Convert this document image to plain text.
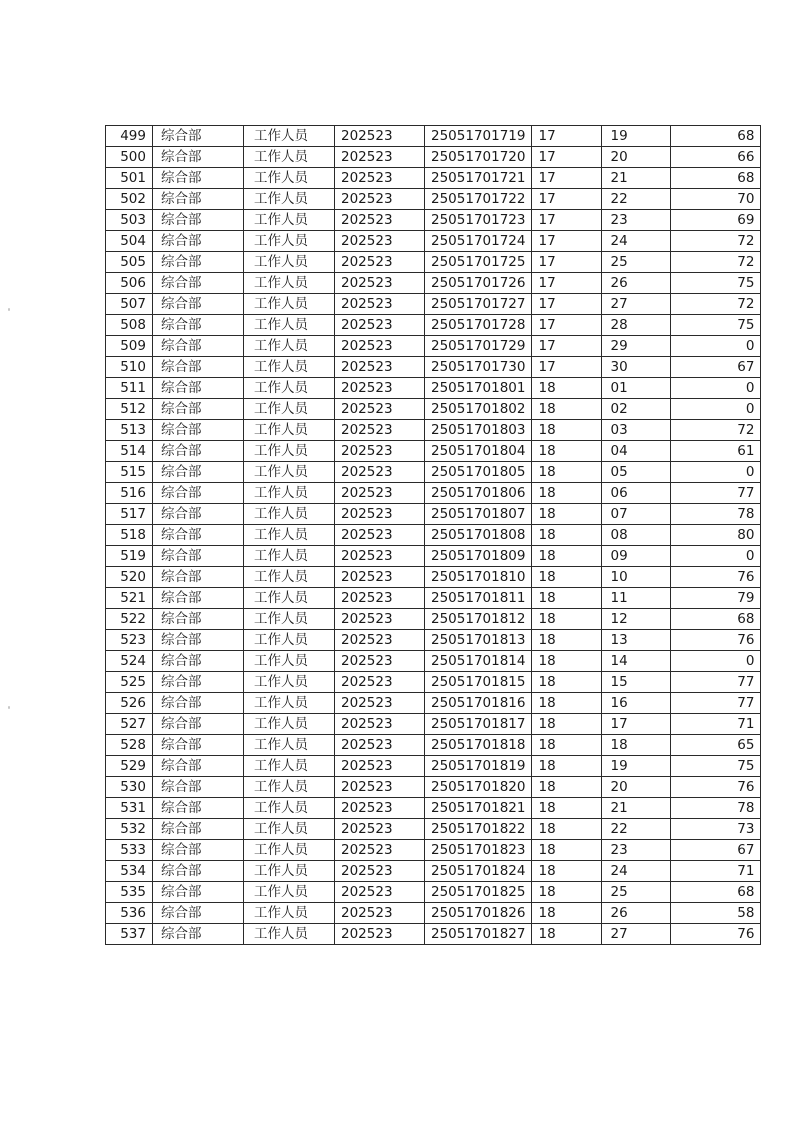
499	综合部	工作人员	202523	25051701719	17	19	68
500	综合部	工作人员	202523	25051701720	17	20	66
501	综合部	工作人员	202523	25051701721	17	21	68
502	综合部	工作人员	202523	25051701722	17	22	70
503	综合部	工作人员	202523	25051701723	17	23	69
504	综合部	工作人员	202523	25051701724	17	24	72
505	综合部	工作人员	202523	25051701725	17	25	72
506	综合部	工作人员	202523	25051701726	17	26	75
507	综合部	工作人员	202523	25051701727	17	27	72
508	综合部	工作人员	202523	25051701728	17	28	75
509	综合部	工作人员	202523	25051701729	17	29	0
510	综合部	工作人员	202523	25051701730	17	30	67
511	综合部	工作人员	202523	25051701801	18	01	0
512	综合部	工作人员	202523	25051701802	18	02	0
513	综合部	工作人员	202523	25051701803	18	03	72
514	综合部	工作人员	202523	25051701804	18	04	61
515	综合部	工作人员	202523	25051701805	18	05	0
516	综合部	工作人员	202523	25051701806	18	06	77
517	综合部	工作人员	202523	25051701807	18	07	78
518	综合部	工作人员	202523	25051701808	18	08	80
519	综合部	工作人员	202523	25051701809	18	09	0
520	综合部	工作人员	202523	25051701810	18	10	76
521	综合部	工作人员	202523	25051701811	18	11	79
522	综合部	工作人员	202523	25051701812	18	12	68
523	综合部	工作人员	202523	25051701813	18	13	76
524	综合部	工作人员	202523	25051701814	18	14	0
525	综合部	工作人员	202523	25051701815	18	15	77
526	综合部	工作人员	202523	25051701816	18	16	77
527	综合部	工作人员	202523	25051701817	18	17	71
528	综合部	工作人员	202523	25051701818	18	18	65
529	综合部	工作人员	202523	25051701819	18	19	75
530	综合部	工作人员	202523	25051701820	18	20	76
531	综合部	工作人员	202523	25051701821	18	21	78
532	综合部	工作人员	202523	25051701822	18	22	73
533	综合部	工作人员	202523	25051701823	18	23	67
534	综合部	工作人员	202523	25051701824	18	24	71
535	综合部	工作人员	202523	25051701825	18	25	68
536	综合部	工作人员	202523	25051701826	18	26	58
537	综合部	工作人员	202523	25051701827	18	27	76
